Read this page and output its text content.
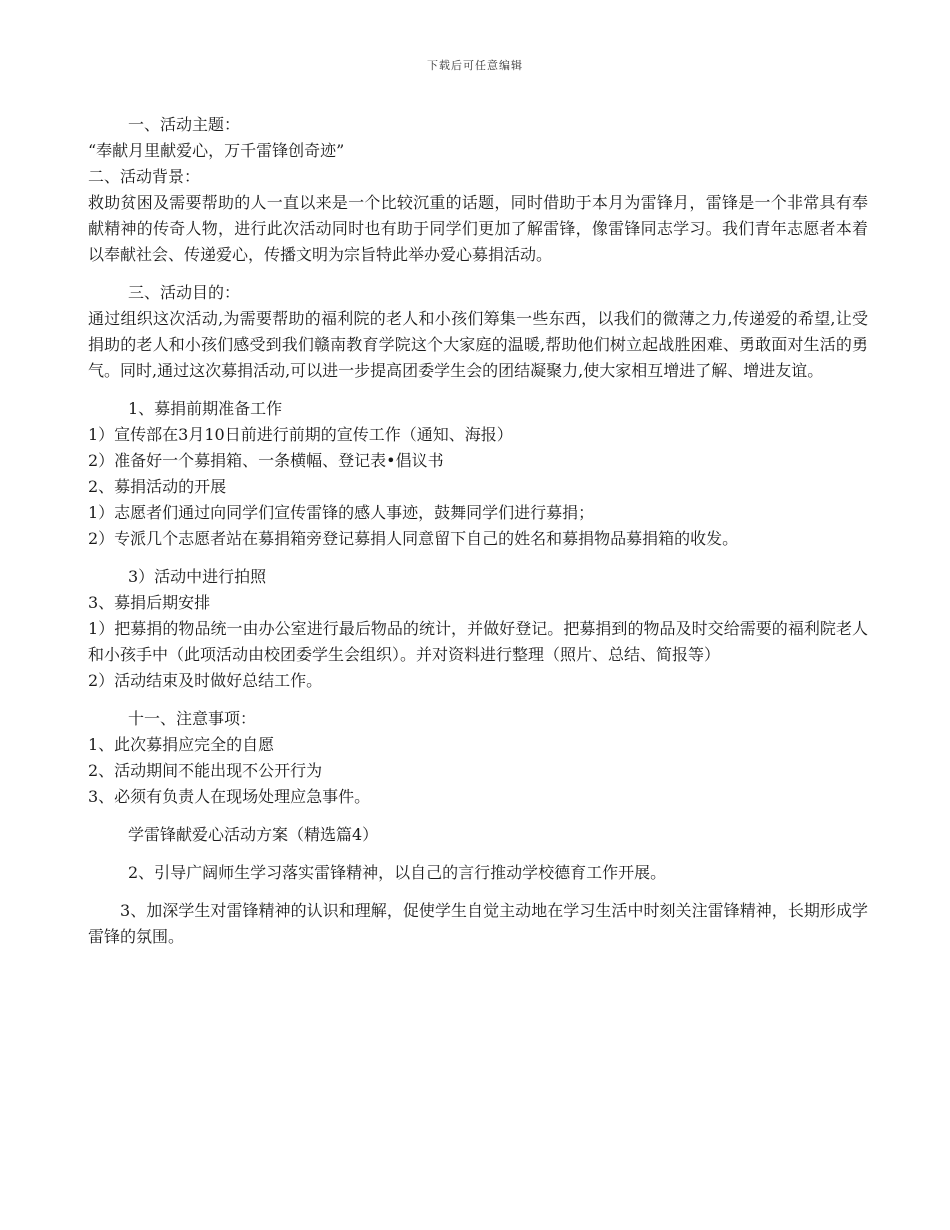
下载后可任意编辑
一、活动主题：
“奉献月里献爱心，万千雷锋创奇迹”
二、活动背景：
救助贫困及需要帮助的人一直以来是一个比较沉重的话题，同时借助于本月为雷锋月，雷锋是一个非常具有奉献精神的传奇人物，进行此次活动同时也有助于同学们更加了解雷锋，像雷锋同志学习。我们青年志愿者本着以奉献社会、传递爱心，传播文明为宗旨特此举办爱心募捐活动。
三、活动目的：
通过组织这次活动,为需要帮助的福利院的老人和小孩们筹集一些东西，以我们的微薄之力,传递爱的希望,让受捐助的老人和小孩们感受到我们赣南教育学院这个大家庭的温暖,帮助他们树立起战胜困难、勇敢面对生活的勇气。同时,通过这次募捐活动,可以进一步提高团委学生会的团结凝聚力,使大家相互增进了解、增进友谊。
1、募捐前期准备工作
1）宣传部在3月10日前进行前期的宣传工作（通知、海报）
2）准备好一个募捐箱、一条横幅、登记表•倡议书
2、募捐活动的开展
1）志愿者们通过向同学们宣传雷锋的感人事迹，鼓舞同学们进行募捐；
2）专派几个志愿者站在募捐箱旁登记募捐人同意留下自己的姓名和募捐物品募捐箱的收发。
3）活动中进行拍照
3、募捐后期安排
1）把募捐的物品统一由办公室进行最后物品的统计，并做好登记。把募捐到的物品及时交给需要的福利院老人和小孩手中（此项活动由校团委学生会组织）。并对资料进行整理（照片、总结、简报等）
2）活动结束及时做好总结工作。
十一、注意事项：
1、此次募捐应完全的自愿
2、活动期间不能出现不公开行为
3、必须有负责人在现场处理应急事件。
学雷锋献爱心活动方案（精选篇4）
2、引导广阔师生学习落实雷锋精神，以自己的言行推动学校德育工作开展。
3、加深学生对雷锋精神的认识和理解，促使学生自觉主动地在学习生活中时刻关注雷锋精神，长期形成学雷锋的氛围。
